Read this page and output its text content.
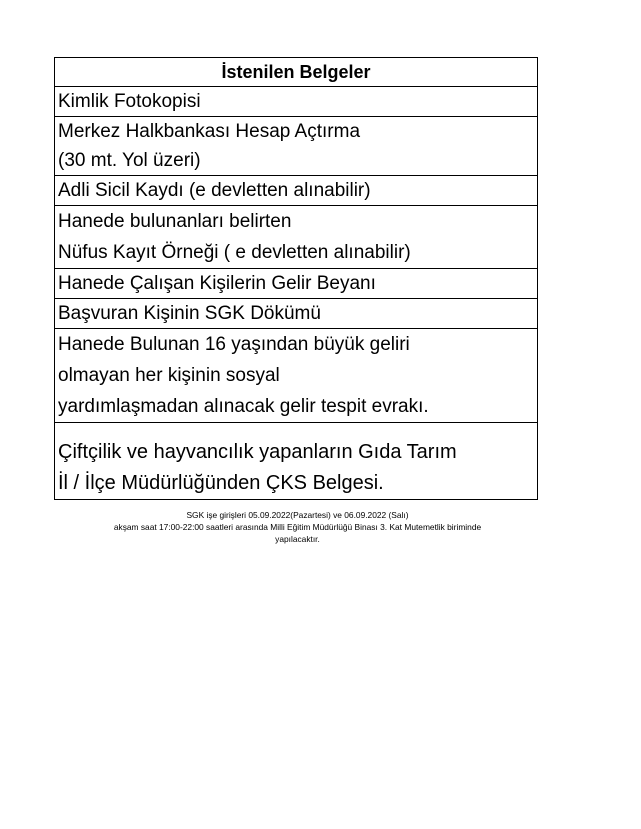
İstenilen Belgeler
Kimlik Fotokopisi
Merkez Halkbankası Hesap Açtırma
(30 mt. Yol üzeri)
Adli Sicil Kaydı (e devletten alınabilir)
Hanede bulunanları belirten
Nüfus Kayıt Örneği ( e devletten alınabilir)
Hanede Çalışan Kişilerin Gelir Beyanı
Başvuran Kişinin SGK Dökümü
Hanede Bulunan 16 yaşından büyük geliri
olmayan her kişinin sosyal
yardımlaşmadan alınacak gelir tespit evrakı.
Çiftçilik ve hayvancılık yapanların Gıda Tarım
İl / İlçe Müdürlüğünden ÇKS Belgesi.
SGK işe girişleri 05.09.2022(Pazartesi) ve 06.09.2022 (Salı)
akşam saat 17:00-22:00 saatleri arasında Milli Eğitim Müdürlüğü Binası 3. Kat Mutemetlik biriminde
yapılacaktır.
